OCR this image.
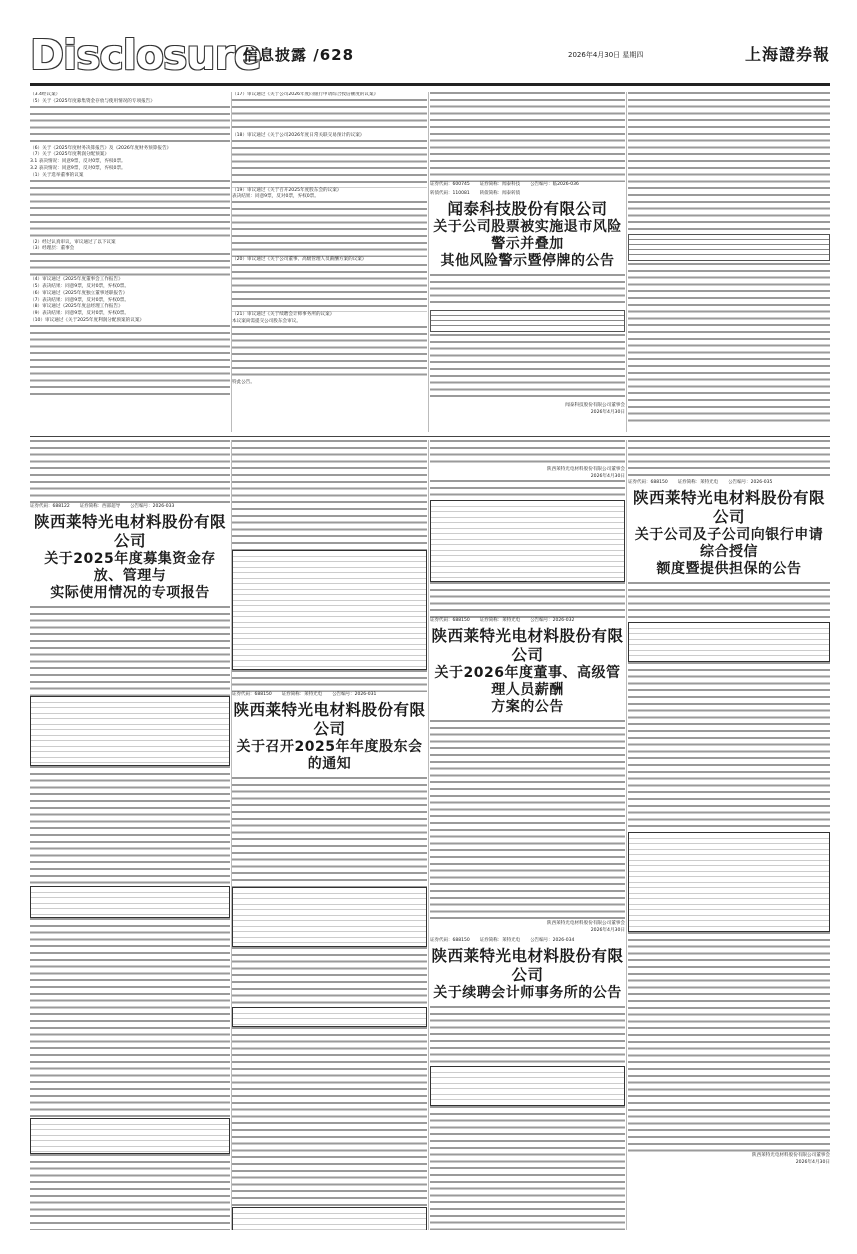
Disclosure
信息披露 /628	2026年4月30日 星期四	上海證券報

（3.4经议案）

（5）关于《2025年度募集资金存放与使用情况的专项报告》

（6）关于《2025年度财务决算报告》及《2026年度财务预算报告》

（7）关于《2025年度利润分配预案》

3.1 表决情况：同意9票，反对0票，弃权0票。

3.2 表决情况：同意9票，反对0票，弃权0票。

（1）关于选举董事的议案

（2）经过认真审议，审议通过了以下议案

（3）经理层：董事会

（4）审议通过《2025年度董事会工作报告》

（5）表决结果：同意9票，反对0票，弃权0票。

（6）审议通过《2025年度独立董事述职报告》

（7）表决结果：同意9票，反对0票，弃权0票。

（8）审议通过《2025年度总经理工作报告》

（9）表决结果：同意9票，反对0票，弃权0票。

（10）审议通过《关于2025年度利润分配预案的议案》

（17）审议通过《关于公司2026年度向银行申请综合授信额度的议案》

（18）审议通过《关于公司2026年度日常关联交易预计的议案》

（19）审议通过《关于召开2025年度股东会的议案》

表决结果：同意9票，反对0票，弃权0票。

（20）审议通过《关于公司董事、高级管理人员薪酬方案的议案》

（21）审议通过《关于续聘会计师事务所的议案》

本议案尚需提交公司股东会审议。

特此公告。

证券代码：600745 证券简称：闻泰科技 公告编号：临2026-036
转债代码：110081 转债简称：闻泰转债
闻泰科技股份有限公司
关于公司股票被实施退市风险警示并叠加
其他风险警示暨停牌的公告
闻泰科技股份有限公司董事会
2026年4月30日
证券代码：688122 证券简称：西部超导 公告编号：2026-033
陕西莱特光电材料股份有限公司
关于2025年度募集资金存放、管理与
实际使用情况的专项报告
证券代码：688150 证券简称：莱特光电 公告编号：2026-031
陕西莱特光电材料股份有限公司
关于召开2025年年度股东会的通知
陕西莱特光电材料股份有限公司董事会
2026年4月30日
证券代码：688150 证券简称：莱特光电 公告编号：2026-032
陕西莱特光电材料股份有限公司
关于2026年度董事、高级管理人员薪酬
方案的公告
陕西莱特光电材料股份有限公司董事会
2026年4月30日
证券代码：688150 证券简称：莱特光电 公告编号：2026-034
陕西莱特光电材料股份有限公司
关于续聘会计师事务所的公告
证券代码：688150 证券简称：莱特光电 公告编号：2026-035
陕西莱特光电材料股份有限公司
关于公司及子公司向银行申请综合授信
额度暨提供担保的公告
陕西莱特光电材料股份有限公司董事会
2026年4月30日
